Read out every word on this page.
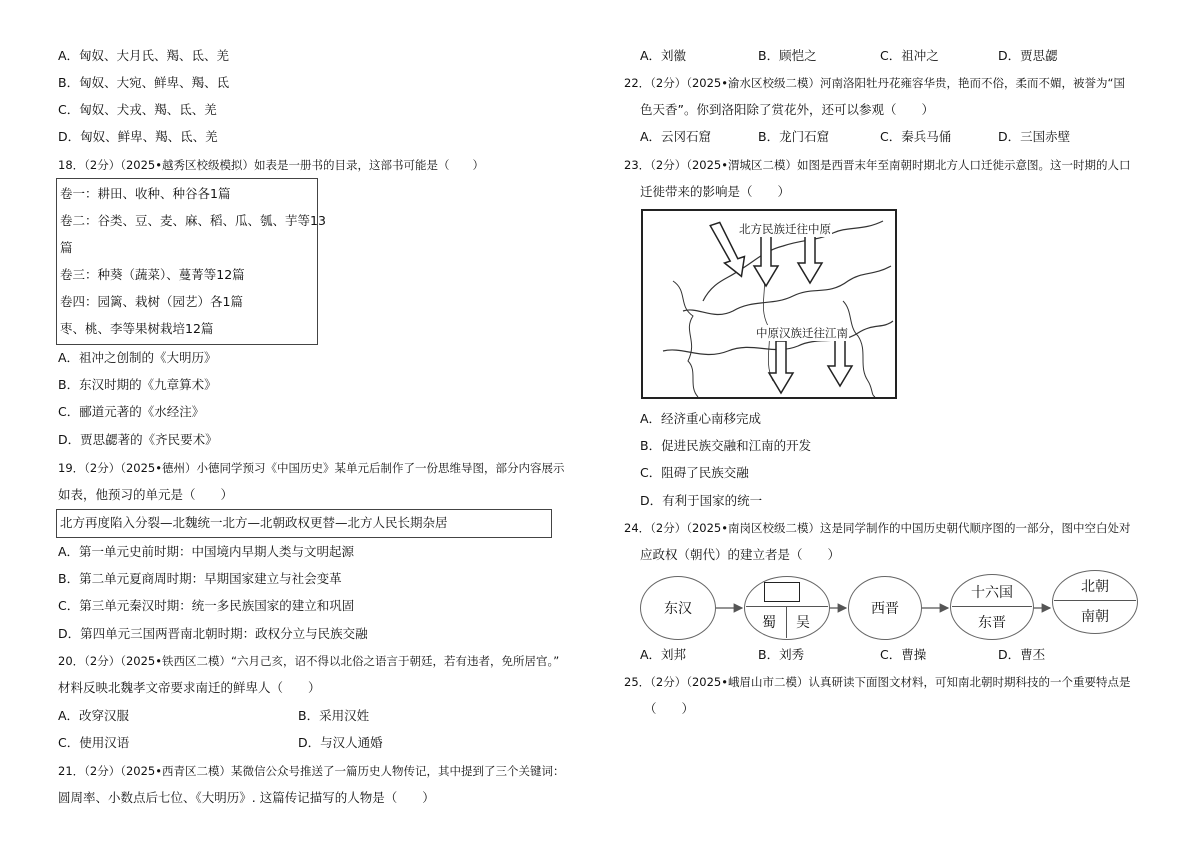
A．匈奴、大月氏、羯、氐、羌
B．匈奴、大宛、鲜卑、羯、氐
C．匈奴、犬戎、羯、氐、羌
D．匈奴、鲜卑、羯、氐、羌
18．（2分）（2025•越秀区校级模拟）如表是一册书的目录，这部书可能是（　　）
卷一：耕田、收种、种谷各1篇
卷二：谷类、豆、麦、麻、稻、瓜、瓠、芋等13
篇
卷三：种葵（蔬菜）、蔓菁等12篇
卷四：园篱、栽树（园艺）各1篇
枣、桃、李等果树栽培12篇
A．祖冲之创制的《大明历》
B．东汉时期的《九章算术》
C．郦道元著的《水经注》
D．贾思勰著的《齐民要术》
19．（2分）（2025•德州）小德同学预习《中国历史》某单元后制作了一份思维导图，部分内容展示
如表，他预习的单元是（　　）
北方再度陷入分裂—北魏统一北方—北朝政权更替—北方人民长期杂居
A．第一单元史前时期：中国境内早期人类与文明起源
B．第二单元夏商周时期：早期国家建立与社会变革
C．第三单元秦汉时期：统一多民族国家的建立和巩固
D．第四单元三国两晋南北朝时期：政权分立与民族交融
20．（2分）（2025•铁西区二模）“六月己亥，诏不得以北俗之语言于朝廷，若有违者，免所居官。”
材料反映北魏孝文帝要求南迁的鲜卑人（　　）
A．改穿汉服	B．采用汉姓
C．使用汉语	D．与汉人通婚
21．（2分）（2025•西青区二模）某微信公众号推送了一篇历史人物传记，其中提到了三个关键词：
圆周率、小数点后七位、《大明历》. 这篇传记描写的人物是（　　）
A．刘徽	B．顾恺之	C．祖冲之	D．贾思勰
22．（2分）（2025•渝水区校级二模）河南洛阳牡丹花雍容华贵，艳而不俗，柔而不媚，被誉为“国
色天香”。你到洛阳除了赏花外，还可以参观（　　）
A．云冈石窟	B．龙门石窟	C．秦兵马俑	D．三国赤壁
23．（2分）（2025•渭城区二模）如图是西晋末年至南朝时期北方人口迁徙示意图。这一时期的人口
迁徙带来的影响是（　　）
北方民族迁往中原
中原汉族迁往江南
A．经济重心南移完成
B．促进民族交融和江南的开发
C．阻碍了民族交融
D．有利于国家的统一
24．（2分）（2025•南岗区校级二模）这是同学制作的中国历史朝代顺序图的一部分，图中空白处对
应政权（朝代）的建立者是（　　）
东汉
蜀	吴
西晋
十六国
东晋
北朝
南朝
A．刘邦	B．刘秀	C．曹操	D．曹丕
25．（2分）（2025•峨眉山市二模）认真研读下面图文材料，可知南北朝时期科技的一个重要特点是
（　　）
